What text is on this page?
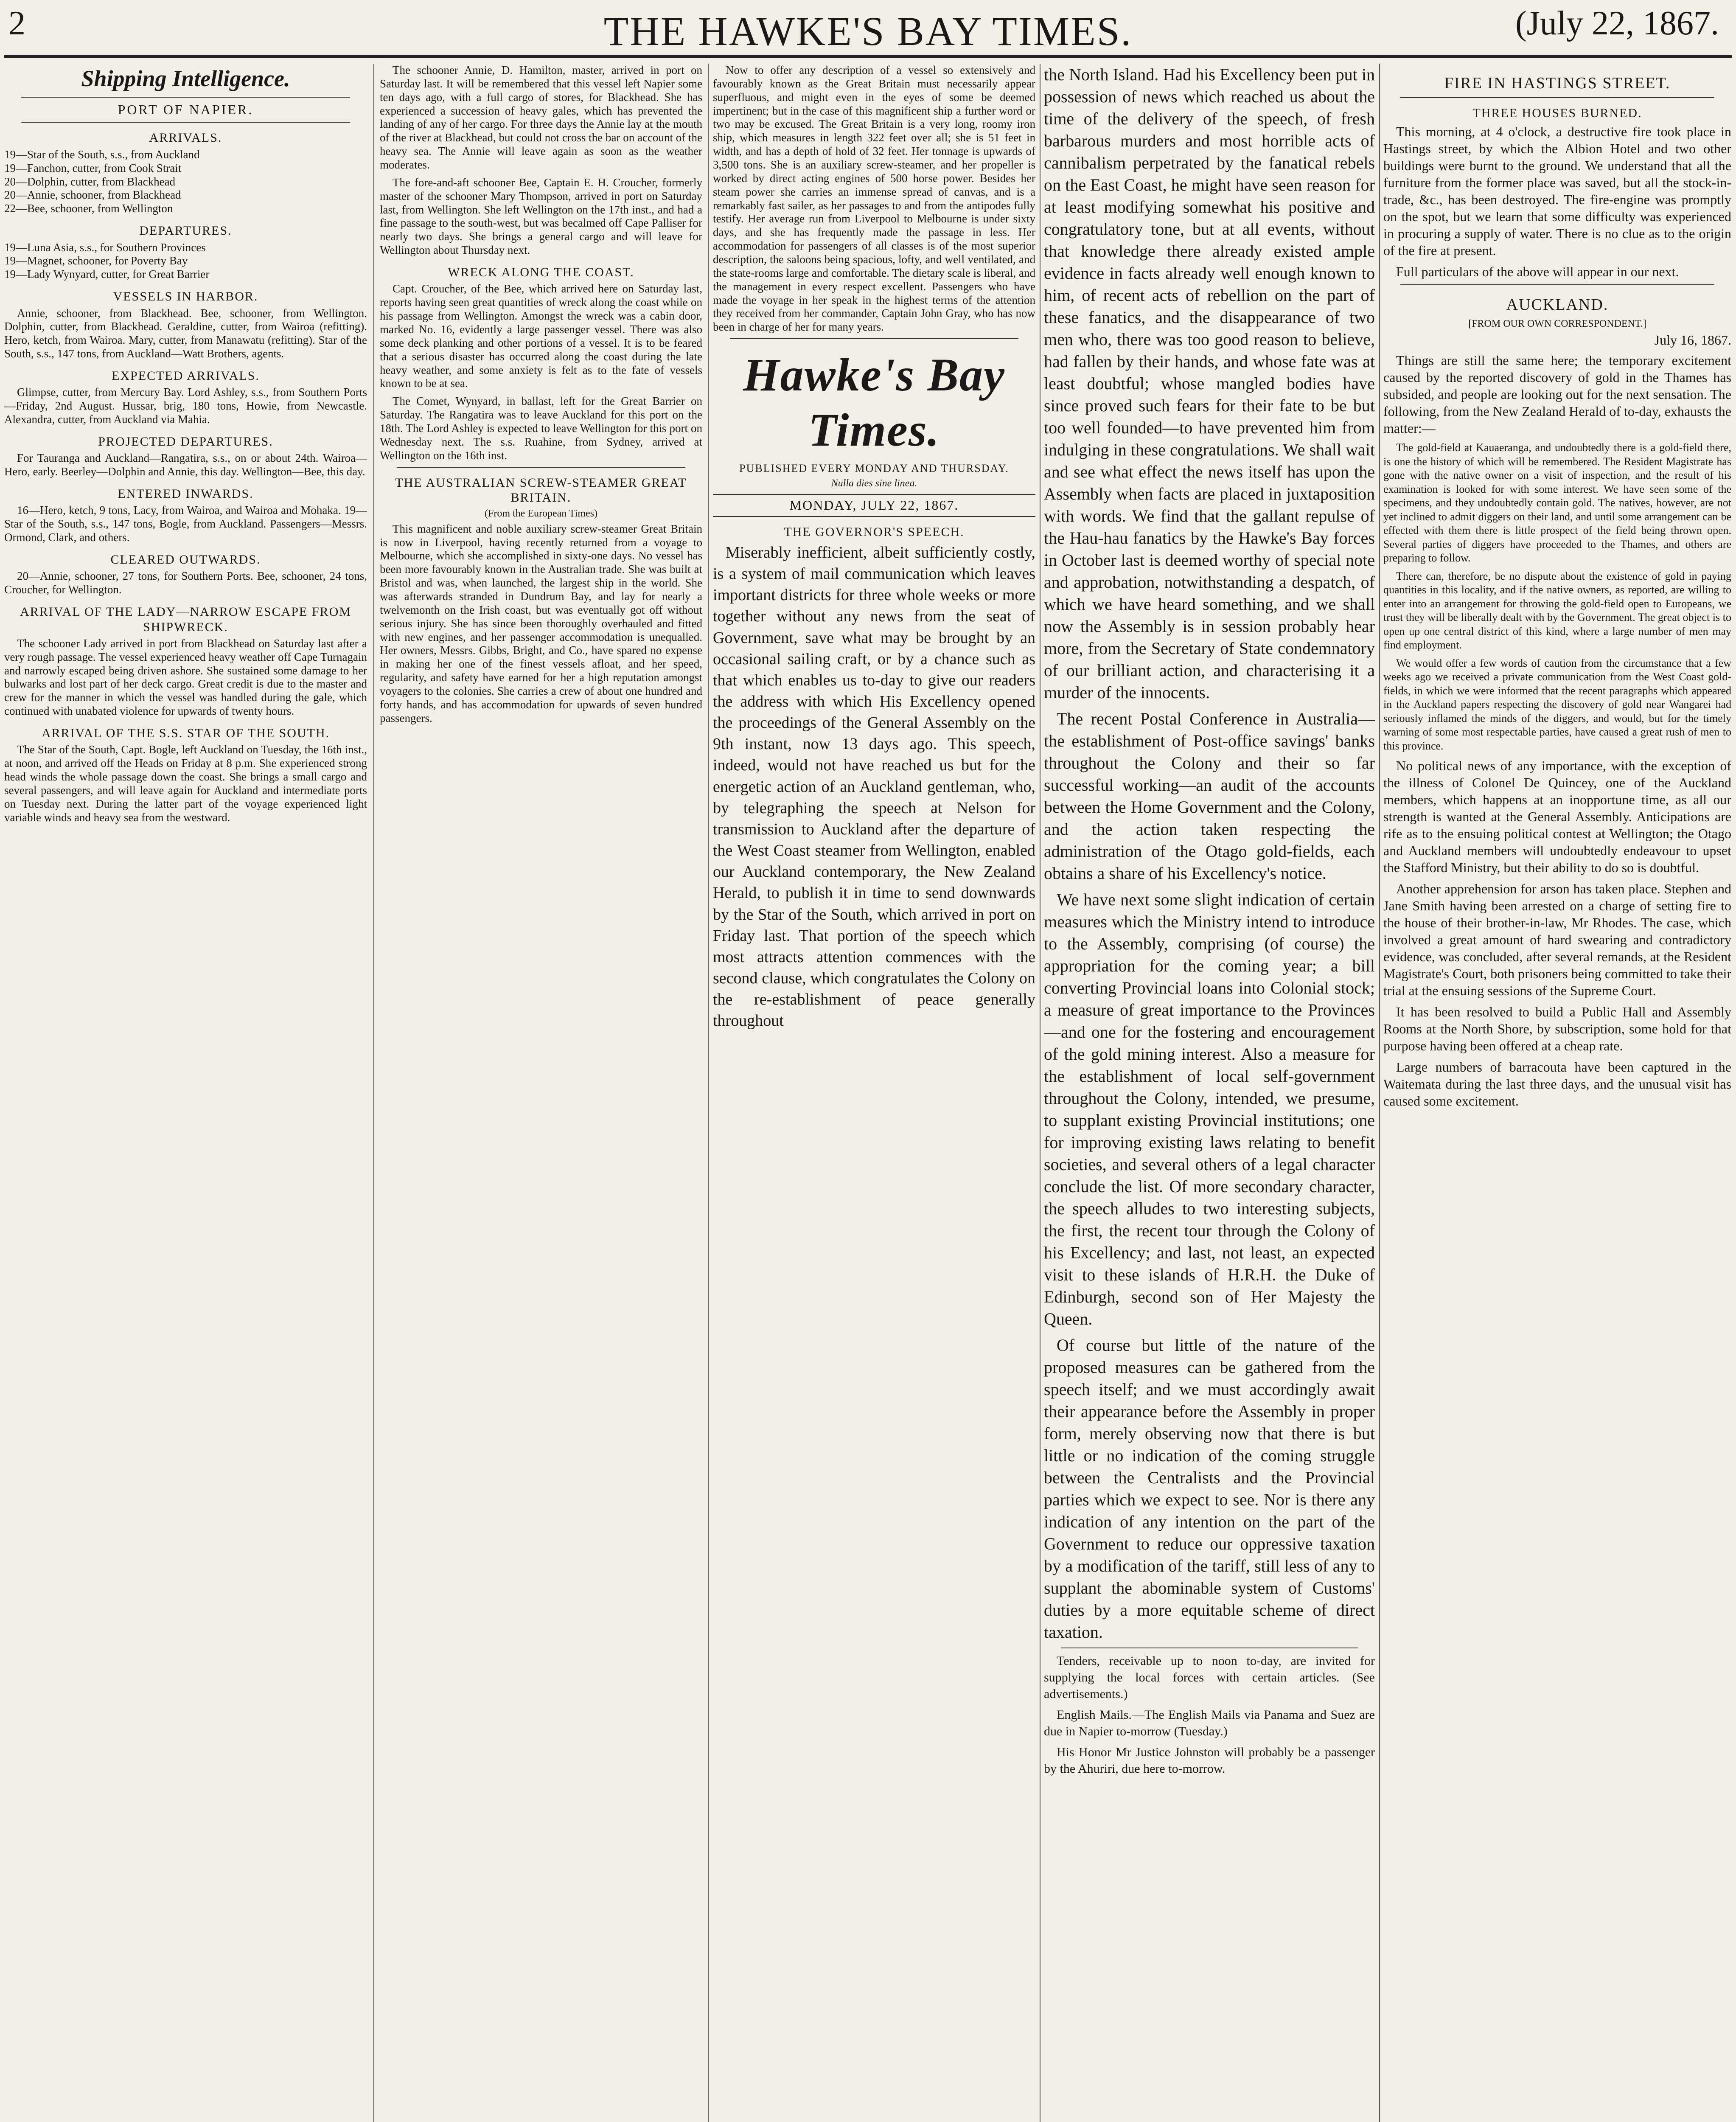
2	THE HAWKE'S BAY TIMES.	(July 22, 1867.
Shipping Intelligence.
PORT OF NAPIER.
ARRIVALS.
19—Star of the South, s.s., from Auckland
19—Fanchon, cutter, from Cook Strait
20—Dolphin, cutter, from Blackhead
20—Annie, schooner, from Blackhead
22—Bee, schooner, from Wellington
DEPARTURES.
19—Luna Asia, s.s., for Southern Provinces
19—Magnet, schooner, for Poverty Bay
19—Lady Wynyard, cutter, for Great Barrier
VESSELS IN HARBOR.

Annie, schooner, from Blackhead. Bee, schooner, from Wellington. Dolphin, cutter, from Blackhead. Geraldine, cutter, from Wairoa (refitting). Hero, ketch, from Wairoa. Mary, cutter, from Manawatu (refitting). Star of the South, s.s., 147 tons, from Auckland—Watt Brothers, agents.

EXPECTED ARRIVALS.

Glimpse, cutter, from Mercury Bay. Lord Ashley, s.s., from Southern Ports—Friday, 2nd August. Hussar, brig, 180 tons, Howie, from Newcastle. Alexandra, cutter, from Auckland via Mahia.

PROJECTED DEPARTURES.

For Tauranga and Auckland—Rangatira, s.s., on or about 24th. Wairoa—Hero, early. Beerley—Dolphin and Annie, this day. Wellington—Bee, this day.

ENTERED INWARDS.

16—Hero, ketch, 9 tons, Lacy, from Wairoa, and Wairoa and Mohaka. 19—Star of the South, s.s., 147 tons, Bogle, from Auckland. Passengers—Messrs. Ormond, Clark, and others.

CLEARED OUTWARDS.

20—Annie, schooner, 27 tons, for Southern Ports. Bee, schooner, 24 tons, Croucher, for Wellington.

ARRIVAL OF THE LADY—NARROW ESCAPE FROM SHIPWRECK.

The schooner Lady arrived in port from Blackhead on Saturday last after a very rough passage. The vessel experienced heavy weather off Cape Turnagain and narrowly escaped being driven ashore. She sustained some damage to her bulwarks and lost part of her deck cargo. Great credit is due to the master and crew for the manner in which the vessel was handled during the gale, which continued with unabated violence for upwards of twenty hours.

ARRIVAL OF THE S.S. STAR OF THE SOUTH.

The Star of the South, Capt. Bogle, left Auckland on Tuesday, the 16th inst., at noon, and arrived off the Heads on Friday at 8 p.m. She experienced strong head winds the whole passage down the coast. She brings a small cargo and several passengers, and will leave again for Auckland and intermediate ports on Tuesday next. During the latter part of the voyage experienced light variable winds and heavy sea from the westward.

The schooner Annie, D. Hamilton, master, arrived in port on Saturday last. It will be remembered that this vessel left Napier some ten days ago, with a full cargo of stores, for Blackhead. She has experienced a succession of heavy gales, which has prevented the landing of any of her cargo. For three days the Annie lay at the mouth of the river at Blackhead, but could not cross the bar on account of the heavy sea. The Annie will leave again as soon as the weather moderates.

The fore-and-aft schooner Bee, Captain E. H. Croucher, formerly master of the schooner Mary Thompson, arrived in port on Saturday last, from Wellington. She left Wellington on the 17th inst., and had a fine passage to the south-west, but was becalmed off Cape Palliser for nearly two days. She brings a general cargo and will leave for Wellington about Thursday next.

WRECK ALONG THE COAST.

Capt. Croucher, of the Bee, which arrived here on Saturday last, reports having seen great quantities of wreck along the coast while on his passage from Wellington. Amongst the wreck was a cabin door, marked No. 16, evidently a large passenger vessel. There was also some deck planking and other portions of a vessel. It is to be feared that a serious disaster has occurred along the coast during the late heavy weather, and some anxiety is felt as to the fate of vessels known to be at sea.

The Comet, Wynyard, in ballast, left for the Great Barrier on Saturday. The Rangatira was to leave Auckland for this port on the 18th. The Lord Ashley is expected to leave Wellington for this port on Wednesday next. The s.s. Ruahine, from Sydney, arrived at Wellington on the 16th inst.

THE AUSTRALIAN SCREW-STEAMER GREAT BRITAIN.
(From the European Times)

This magnificent and noble auxiliary screw-steamer Great Britain is now in Liverpool, having recently returned from a voyage to Melbourne, which she accomplished in sixty-one days. No vessel has been more favourably known in the Australian trade. She was built at Bristol and was, when launched, the largest ship in the world. She was afterwards stranded in Dundrum Bay, and lay for nearly a twelvemonth on the Irish coast, but was eventually got off without serious injury. She has since been thoroughly overhauled and fitted with new engines, and her passenger accommodation is unequalled. Her owners, Messrs. Gibbs, Bright, and Co., have spared no expense in making her one of the finest vessels afloat, and her speed, regularity, and safety have earned for her a high reputation amongst voyagers to the colonies. She carries a crew of about one hundred and forty hands, and has accommodation for upwards of seven hundred passengers.

Now to offer any description of a vessel so extensively and favourably known as the Great Britain must necessarily appear superfluous, and might even in the eyes of some be deemed impertinent; but in the case of this magnificent ship a further word or two may be excused. The Great Britain is a very long, roomy iron ship, which measures in length 322 feet over all; she is 51 feet in width, and has a depth of hold of 32 feet. Her tonnage is upwards of 3,500 tons. She is an auxiliary screw-steamer, and her propeller is worked by direct acting engines of 500 horse power. Besides her steam power she carries an immense spread of canvas, and is a remarkably fast sailer, as her passages to and from the antipodes fully testify. Her average run from Liverpool to Melbourne is under sixty days, and she has frequently made the passage in less. Her accommodation for passengers of all classes is of the most superior description, the saloons being spacious, lofty, and well ventilated, and the state-rooms large and comfortable. The dietary scale is liberal, and the management in every respect excellent. Passengers who have made the voyage in her speak in the highest terms of the attention they received from her commander, Captain John Gray, who has now been in charge of her for many years.

Hawke's Bay Times.
PUBLISHED EVERY MONDAY AND THURSDAY.
Nulla dies sine linea.
MONDAY, JULY 22, 1867.
THE GOVERNOR'S SPEECH.

Miserably inefficient, albeit sufficiently costly, is a system of mail communication which leaves important districts for three whole weeks or more together without any news from the seat of Government, save what may be brought by an occasional sailing craft, or by a chance such as that which enables us to-day to give our readers the address with which His Excellency opened the proceedings of the General Assembly on the 9th instant, now 13 days ago. This speech, indeed, would not have reached us but for the energetic action of an Auckland gentleman, who, by telegraphing the speech at Nelson for transmission to Auckland after the departure of the West Coast steamer from Wellington, enabled our Auckland contemporary, the New Zealand Herald, to publish it in time to send downwards by the Star of the South, which arrived in port on Friday last. That portion of the speech which most attracts attention commences with the second clause, which congratulates the Colony on the re-establishment of peace generally throughout

the North Island. Had his Excellency been put in possession of news which reached us about the time of the delivery of the speech, of fresh barbarous murders and most horrible acts of cannibalism perpetrated by the fanatical rebels on the East Coast, he might have seen reason for at least modifying somewhat his positive and congratulatory tone, but at all events, without that knowledge there already existed ample evidence in facts already well enough known to him, of recent acts of rebellion on the part of these fanatics, and the disappearance of two men who, there was too good reason to believe, had fallen by their hands, and whose fate was at least doubtful; whose mangled bodies have since proved such fears for their fate to be but too well founded—to have prevented him from indulging in these congratulations. We shall wait and see what effect the news itself has upon the Assembly when facts are placed in juxtaposition with words. We find that the gallant repulse of the Hau-hau fanatics by the Hawke's Bay forces in October last is deemed worthy of special note and approbation, notwithstanding a despatch, of which we have heard something, and we shall now the Assembly is in session probably hear more, from the Secretary of State condemnatory of our brilliant action, and characterising it a murder of the innocents.

The recent Postal Conference in Australia—the establishment of Post-office savings' banks throughout the Colony and their so far successful working—an audit of the accounts between the Home Government and the Colony, and the action taken respecting the administration of the Otago gold-fields, each obtains a share of his Excellency's notice.

We have next some slight indication of certain measures which the Ministry intend to introduce to the Assembly, comprising (of course) the appropriation for the coming year; a bill converting Provincial loans into Colonial stock; a measure of great importance to the Provinces—and one for the fostering and encouragement of the gold mining interest. Also a measure for the establishment of local self-government throughout the Colony, intended, we presume, to supplant existing Provincial institutions; one for improving existing laws relating to benefit societies, and several others of a legal character conclude the list. Of more secondary character, the speech alludes to two interesting subjects, the first, the recent tour through the Colony of his Excellency; and last, not least, an expected visit to these islands of H.R.H. the Duke of Edinburgh, second son of Her Majesty the Queen.

Of course but little of the nature of the proposed measures can be gathered from the speech itself; and we must accordingly await their appearance before the Assembly in proper form, merely observing now that there is but little or no indication of the coming struggle between the Centralists and the Provincial parties which we expect to see. Nor is there any indication of any intention on the part of the Government to reduce our oppressive taxation by a modification of the tariff, still less of any to supplant the abominable system of Customs' duties by a more equitable scheme of direct taxation.

Tenders, receivable up to noon to-day, are invited for supplying the local forces with certain articles. (See advertisements.)

English Mails.—The English Mails via Panama and Suez are due in Napier to-morrow (Tuesday.)

His Honor Mr Justice Johnston will probably be a passenger by the Ahuriri, due here to-morrow.

FIRE IN HASTINGS STREET.
THREE HOUSES BURNED.

This morning, at 4 o'clock, a destructive fire took place in Hastings street, by which the Albion Hotel and two other buildings were burnt to the ground. We understand that all the furniture from the former place was saved, but all the stock-in-trade, &c., has been destroyed. The fire-engine was promptly on the spot, but we learn that some difficulty was experienced in procuring a supply of water. There is no clue as to the origin of the fire at present.

Full particulars of the above will appear in our next.

AUCKLAND.
[FROM OUR OWN CORRESPONDENT.]
July 16, 1867.

Things are still the same here; the temporary excitement caused by the reported discovery of gold in the Thames has subsided, and people are looking out for the next sensation. The following, from the New Zealand Herald of to-day, exhausts the matter:—

The gold-field at Kauaeranga, and undoubtedly there is a gold-field there, is one the history of which will be remembered. The Resident Magistrate has gone with the native owner on a visit of inspection, and the result of his examination is looked for with some interest. We have seen some of the specimens, and they undoubtedly contain gold. The natives, however, are not yet inclined to admit diggers on their land, and until some arrangement can be effected with them there is little prospect of the field being thrown open. Several parties of diggers have proceeded to the Thames, and others are preparing to follow.

There can, therefore, be no dispute about the existence of gold in paying quantities in this locality, and if the native owners, as reported, are willing to enter into an arrangement for throwing the gold-field open to Europeans, we trust they will be liberally dealt with by the Government. The great object is to open up one central district of this kind, where a large number of men may find employment.

We would offer a few words of caution from the circumstance that a few weeks ago we received a private communication from the West Coast gold-fields, in which we were informed that the recent paragraphs which appeared in the Auckland papers respecting the discovery of gold near Wangarei had seriously inflamed the minds of the diggers, and would, but for the timely warning of some most respectable parties, have caused a great rush of men to this province.

No political news of any importance, with the exception of the illness of Colonel De Quincey, one of the Auckland members, which happens at an inopportune time, as all our strength is wanted at the General Assembly. Anticipations are rife as to the ensuing political contest at Wellington; the Otago and Auckland members will undoubtedly endeavour to upset the Stafford Ministry, but their ability to do so is doubtful.

Another apprehension for arson has taken place. Stephen and Jane Smith having been arrested on a charge of setting fire to the house of their brother-in-law, Mr Rhodes. The case, which involved a great amount of hard swearing and contradictory evidence, was concluded, after several remands, at the Resident Magistrate's Court, both prisoners being committed to take their trial at the ensuing sessions of the Supreme Court.

It has been resolved to build a Public Hall and Assembly Rooms at the North Shore, by subscription, some hold for that purpose having been offered at a cheap rate.

Large numbers of barracouta have been captured in the Waitemata during the last three days, and the unusual visit has caused some excitement.
